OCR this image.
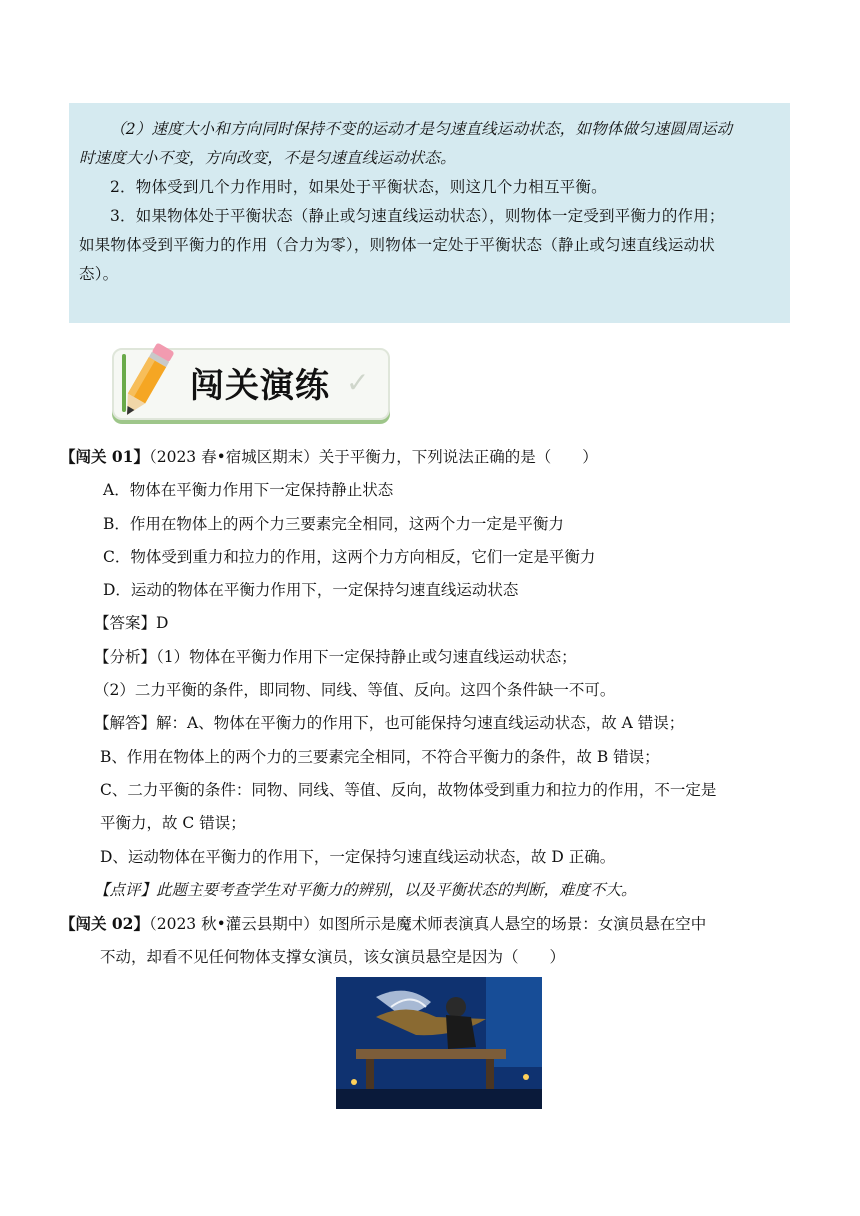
（2）速度大小和方向同时保持不变的运动才是匀速直线运动状态，如物体做匀速圆周运动

时速度大小不变，方向改变，不是匀速直线运动状态。

2．物体受到几个力作用时，如果处于平衡状态，则这几个力相互平衡。

3．如果物体处于平衡状态（静止或匀速直线运动状态），则物体一定受到平衡力的作用；

如果物体受到平衡力的作用（合力为零），则物体一定处于平衡状态（静止或匀速直线运动状

态）。

闯关演练 ✓
【闯关 01】（2023 春•宿城区期末）关于平衡力，下列说法正确的是（　　）
A．物体在平衡力作用下一定保持静止状态
B．作用在物体上的两个力三要素完全相同，这两个力一定是平衡力
C．物体受到重力和拉力的作用，这两个力方向相反，它们一定是平衡力
D．运动的物体在平衡力作用下，一定保持匀速直线运动状态
【答案】D
【分析】（1）物体在平衡力作用下一定保持静止或匀速直线运动状态；
（2）二力平衡的条件，即同物、同线、等值、反向。这四个条件缺一不可。
【解答】解：A、物体在平衡力的作用下，也可能保持匀速直线运动状态，故 A 错误；
B、作用在物体上的两个力的三要素完全相同，不符合平衡力的条件，故 B 错误；
C、二力平衡的条件：同物、同线、等值、反向，故物体受到重力和拉力的作用，不一定是
平衡力，故 C 错误；
D、运动物体在平衡力的作用下，一定保持匀速直线运动状态，故 D 正确。
【点评】此题主要考查学生对平衡力的辨别，以及平衡状态的判断，难度不大。
【闯关 02】（2023 秋•灌云县期中）如图所示是魔术师表演真人悬空的场景：女演员悬在空中
不动，却看不见任何物体支撑女演员，该女演员悬空是因为（　　）
